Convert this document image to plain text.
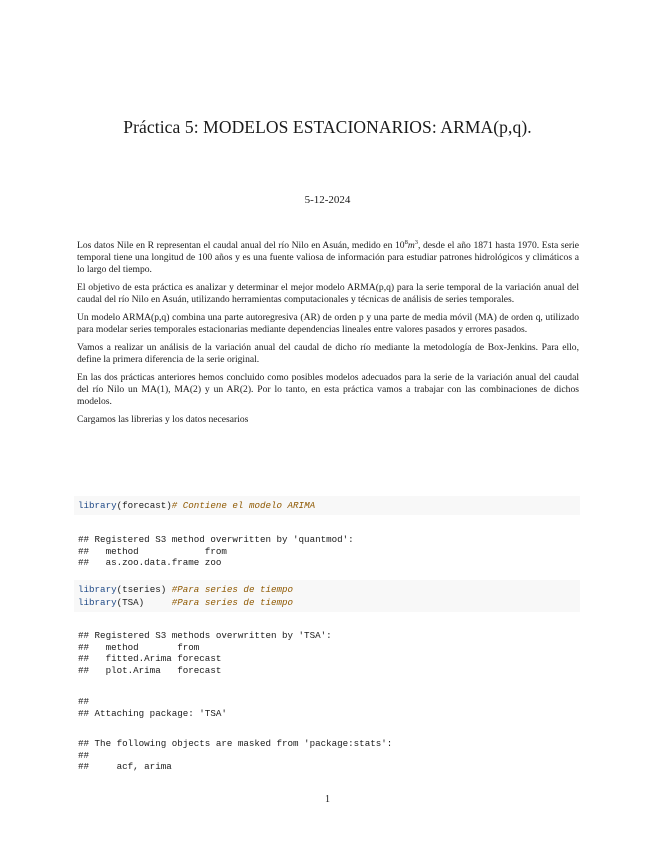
Práctica 5: MODELOS ESTACIONARIOS: ARMA(p,q).
5-12-2024

Los datos Nile en R representan el caudal anual del río Nilo en Asuán, medido en $10^8m^3$, desde el año 1871 hasta 1970. Esta serie temporal tiene una longitud de 100 años y es una fuente valiosa de información para estudiar patrones hidrológicos y climáticos a lo largo del tiempo.

El objetivo de esta práctica es analizar y determinar el mejor modelo ARMA(p,q) para la serie temporal de la variación anual del caudal del río Nilo en Asuán, utilizando herramientas computacionales y técnicas de análisis de series temporales.

Un modelo ARMA(p,q) combina una parte autoregresiva (AR) de orden p y una parte de media móvil (MA) de orden q, utilizado para modelar series temporales estacionarias mediante dependencias lineales entre valores pasados y errores pasados.

Vamos a realizar un análisis de la variación anual del caudal de dicho río mediante la metodología de Box-Jenkins. Para ello, define la primera diferencia de la serie original.

En las dos prácticas anteriores hemos concluido como posibles modelos adecuados para la serie de la variación anual del caudal del río Nilo un MA(1), MA(2) y un AR(2). Por lo tanto, en esta práctica vamos a trabajar con las combinaciones de dichos modelos.

Cargamos las librerias y los datos necesarios

library(forecast)# Contiene el modelo ARIMA
## Registered S3 method overwritten by 'quantmod':
##   method            from
##   as.zoo.data.frame zoo
library(tseries) #Para series de tiempo
library(TSA)     #Para series de tiempo
## Registered S3 methods overwritten by 'TSA':
##   method       from
##   fitted.Arima forecast
##   plot.Arima   forecast
##
## Attaching package: 'TSA'
## The following objects are masked from 'package:stats':
##
##     acf, arima
1
